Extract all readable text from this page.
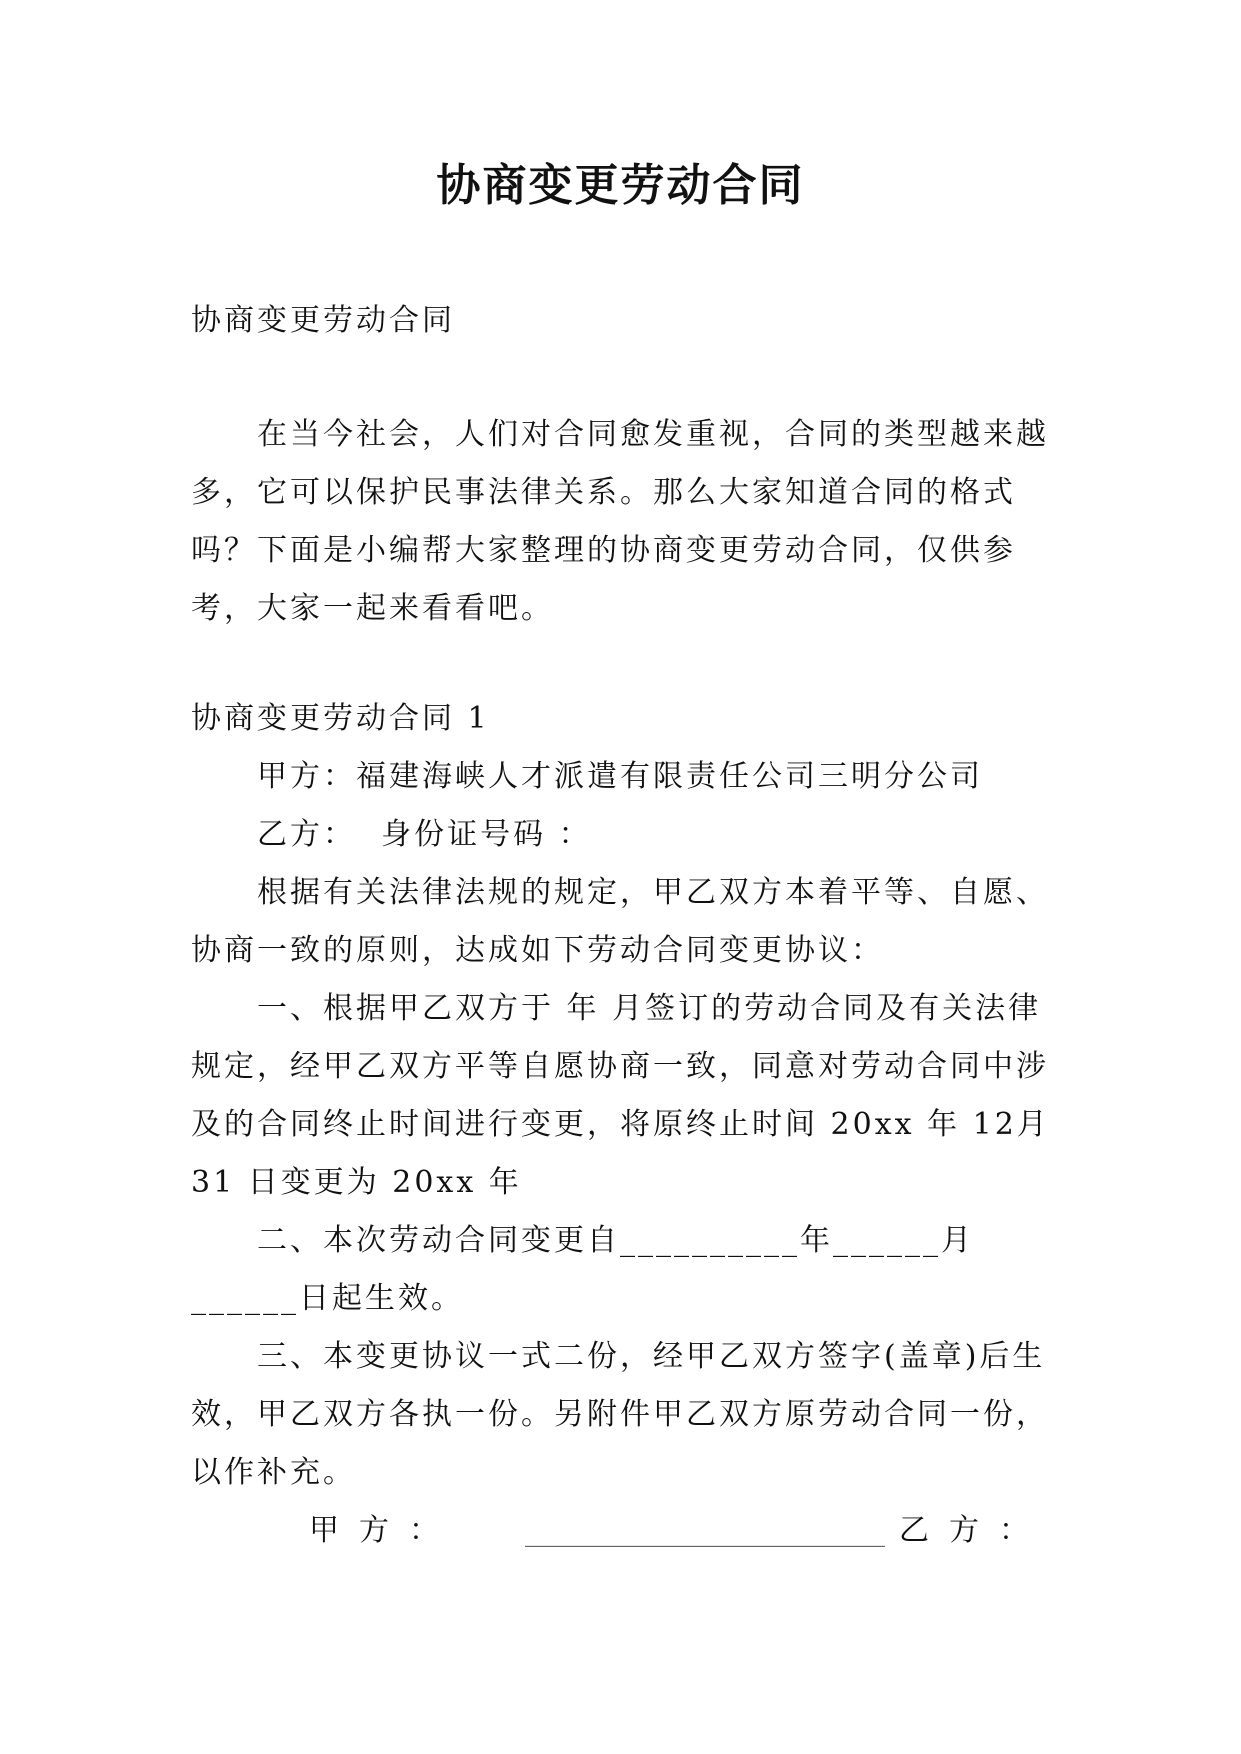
协商变更劳动合同

协商变更劳动合同

在当今社会，人们对合同愈发重视，合同的类型越来越多，它可以保护民事法律关系。那么大家知道合同的格式吗？下面是小编帮大家整理的协商变更劳动合同，仅供参考，大家一起来看看吧。

协商变更劳动合同 1

甲方：福建海峡人才派遣有限责任公司三明分公司

乙方：  身份证号码 ：

根据有关法律法规的规定，甲乙双方本着平等、自愿、协商一致的原则，达成如下劳动合同变更协议：

一、根据甲乙双方于 年 月签订的劳动合同及有关法律规定，经甲乙双方平等自愿协商一致，同意对劳动合同中涉及的合同终止时间进行变更，将原终止时间 20xx 年 12月 31 日变更为 20xx 年

二、本次劳动合同变更自__________年______月______日起生效。

三、本变更协议一式二份，经甲乙双方签字(盖章)后生效，甲乙双方各执一份。另附件甲乙双方原劳动合同一份，以作补充。

甲方： ________________________ 乙方：
